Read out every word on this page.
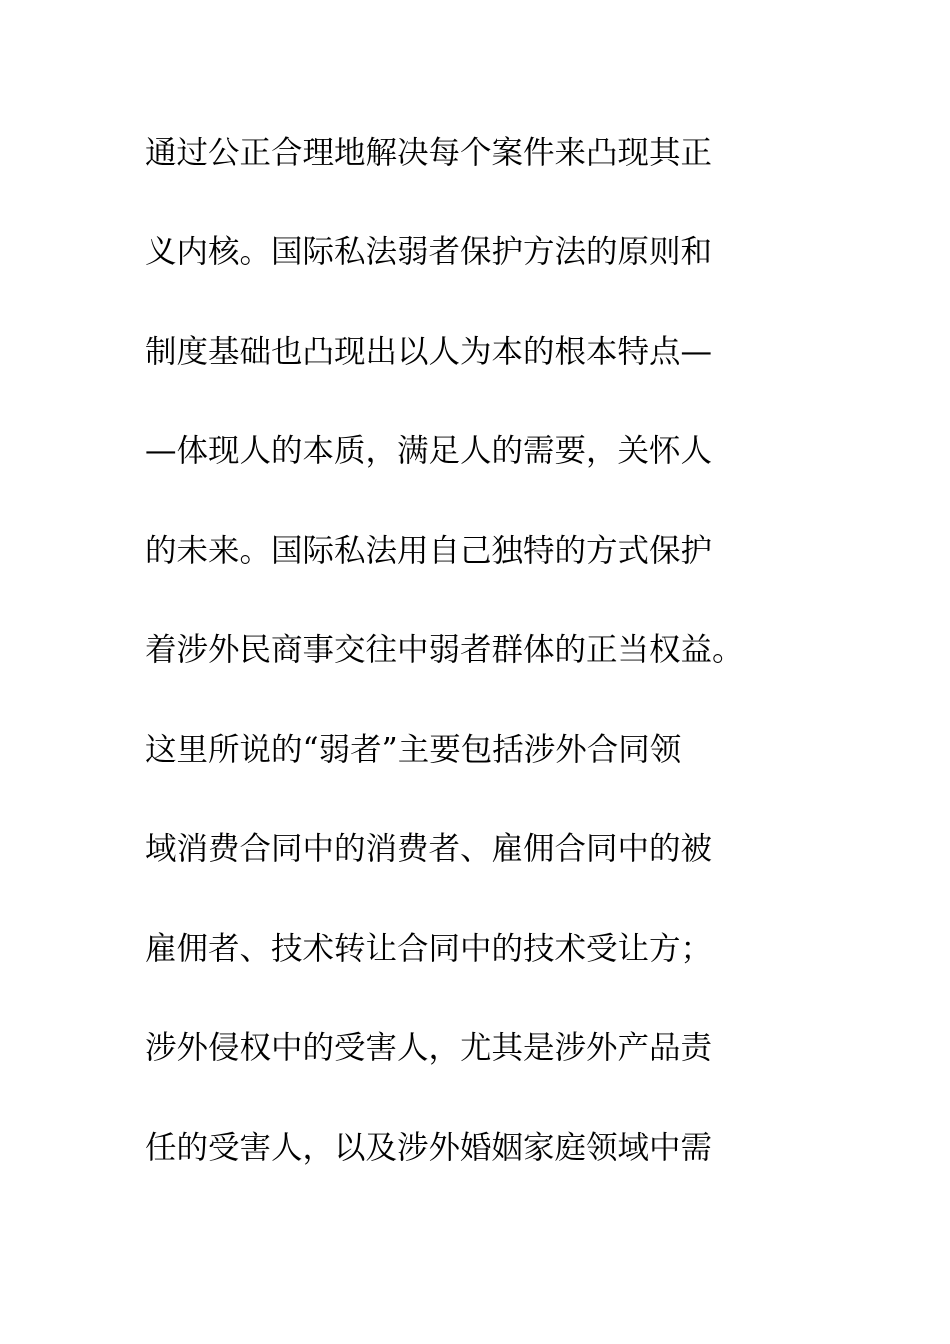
通过公正合理地解决每个案件来凸现其正

义内核。国际私法弱者保护方法的原则和

制度基础也凸现出以人为本的根本特点—

—体现人的本质，满足人的需要，关怀人

的未来。国际私法用自己独特的方式保护

着涉外民商事交往中弱者群体的正当权益。

这里所说的“弱者”主要包括涉外合同领

域消费合同中的消费者、雇佣合同中的被

雇佣者、技术转让合同中的技术受让方；

涉外侵权中的受害人，尤其是涉外产品责

任的受害人，以及涉外婚姻家庭领域中需
